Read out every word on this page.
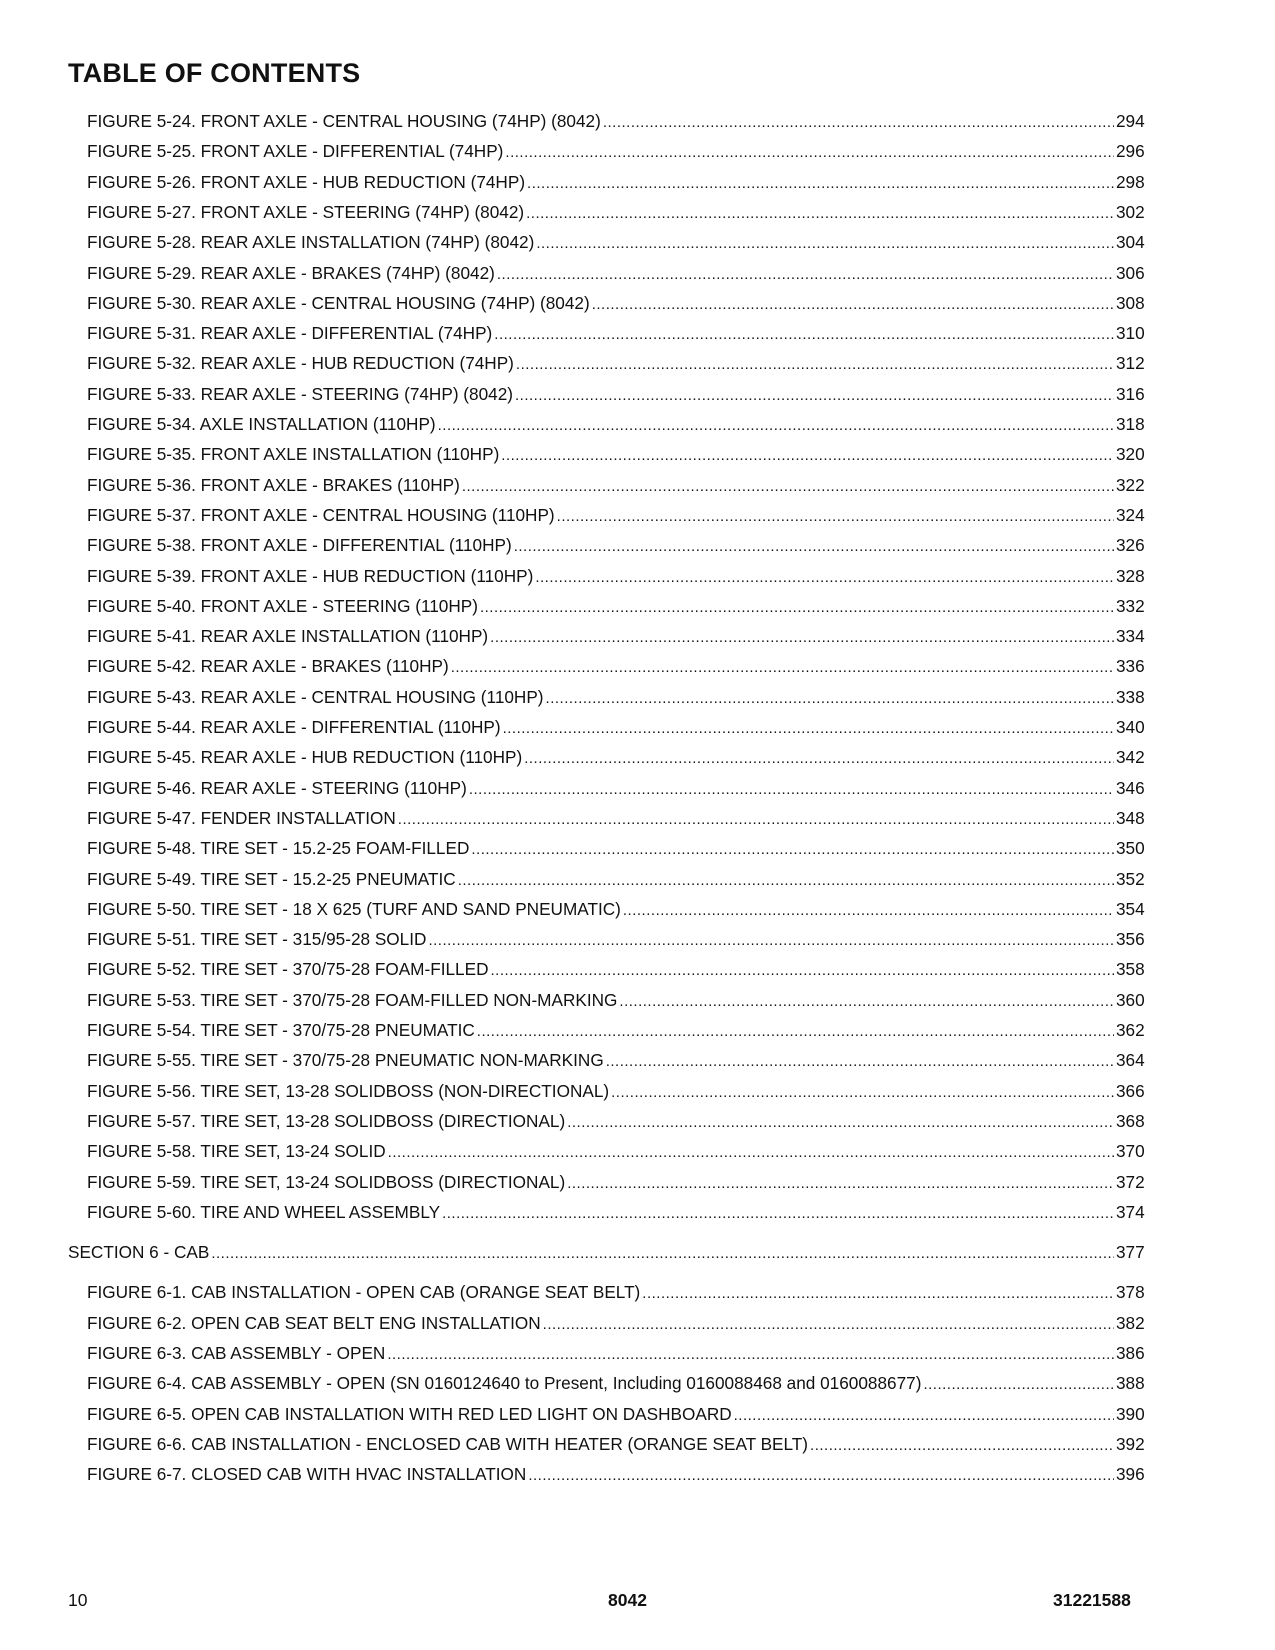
TABLE OF CONTENTS
FIGURE 5-24. FRONT AXLE - CENTRAL HOUSING (74HP) (8042) .....	294
FIGURE 5-25. FRONT AXLE - DIFFERENTIAL (74HP) .....	296
FIGURE 5-26. FRONT AXLE - HUB REDUCTION (74HP) .....	298
FIGURE 5-27. FRONT AXLE - STEERING (74HP) (8042) .....	302
FIGURE 5-28. REAR AXLE INSTALLATION (74HP) (8042) .....	304
FIGURE 5-29. REAR AXLE - BRAKES (74HP) (8042) .....	306
FIGURE 5-30. REAR AXLE - CENTRAL HOUSING (74HP) (8042) .....	308
FIGURE 5-31. REAR AXLE - DIFFERENTIAL (74HP) .....	310
FIGURE 5-32. REAR AXLE - HUB REDUCTION (74HP) .....	312
FIGURE 5-33. REAR AXLE - STEERING (74HP) (8042) .....	316
FIGURE 5-34. AXLE INSTALLATION (110HP) .....	318
FIGURE 5-35. FRONT AXLE INSTALLATION (110HP) .....	320
FIGURE 5-36. FRONT AXLE - BRAKES (110HP) .....	322
FIGURE 5-37. FRONT AXLE - CENTRAL HOUSING (110HP) .....	324
FIGURE 5-38. FRONT AXLE - DIFFERENTIAL (110HP) .....	326
FIGURE 5-39. FRONT AXLE - HUB REDUCTION (110HP) .....	328
FIGURE 5-40. FRONT AXLE - STEERING (110HP) .....	332
FIGURE 5-41. REAR AXLE INSTALLATION (110HP) .....	334
FIGURE 5-42. REAR AXLE - BRAKES (110HP) .....	336
FIGURE 5-43. REAR AXLE - CENTRAL HOUSING (110HP) .....	338
FIGURE 5-44. REAR AXLE - DIFFERENTIAL (110HP) .....	340
FIGURE 5-45. REAR AXLE - HUB REDUCTION (110HP) .....	342
FIGURE 5-46. REAR AXLE - STEERING (110HP) .....	346
FIGURE 5-47. FENDER INSTALLATION .....	348
FIGURE 5-48. TIRE SET - 15.2-25 FOAM-FILLED .....	350
FIGURE 5-49. TIRE SET - 15.2-25 PNEUMATIC .....	352
FIGURE 5-50. TIRE SET - 18 X 625 (TURF AND SAND PNEUMATIC) .....	354
FIGURE 5-51. TIRE SET - 315/95-28 SOLID .....	356
FIGURE 5-52. TIRE SET - 370/75-28 FOAM-FILLED .....	358
FIGURE 5-53. TIRE SET - 370/75-28 FOAM-FILLED NON-MARKING .....	360
FIGURE 5-54. TIRE SET - 370/75-28 PNEUMATIC .....	362
FIGURE 5-55. TIRE SET - 370/75-28 PNEUMATIC NON-MARKING .....	364
FIGURE 5-56. TIRE SET, 13-28 SOLIDBOSS (NON-DIRECTIONAL) .....	366
FIGURE 5-57. TIRE SET, 13-28 SOLIDBOSS (DIRECTIONAL) .....	368
FIGURE 5-58. TIRE SET, 13-24 SOLID .....	370
FIGURE 5-59. TIRE SET, 13-24 SOLIDBOSS (DIRECTIONAL) .....	372
FIGURE 5-60. TIRE AND WHEEL ASSEMBLY .....	374
SECTION 6 - CAB .....	377
FIGURE 6-1. CAB INSTALLATION - OPEN CAB (ORANGE SEAT BELT) .....	378
FIGURE 6-2. OPEN CAB SEAT BELT ENG INSTALLATION .....	382
FIGURE 6-3. CAB ASSEMBLY - OPEN .....	386
FIGURE 6-4. CAB ASSEMBLY - OPEN (SN 0160124640 to Present, Including 0160088468 and 0160088677) .....	388
FIGURE 6-5. OPEN CAB INSTALLATION WITH RED LED LIGHT ON DASHBOARD .....	390
FIGURE 6-6. CAB INSTALLATION - ENCLOSED CAB WITH HEATER (ORANGE SEAT BELT) .....	392
FIGURE 6-7. CLOSED CAB WITH HVAC INSTALLATION .....	396
10	8042	31221588
